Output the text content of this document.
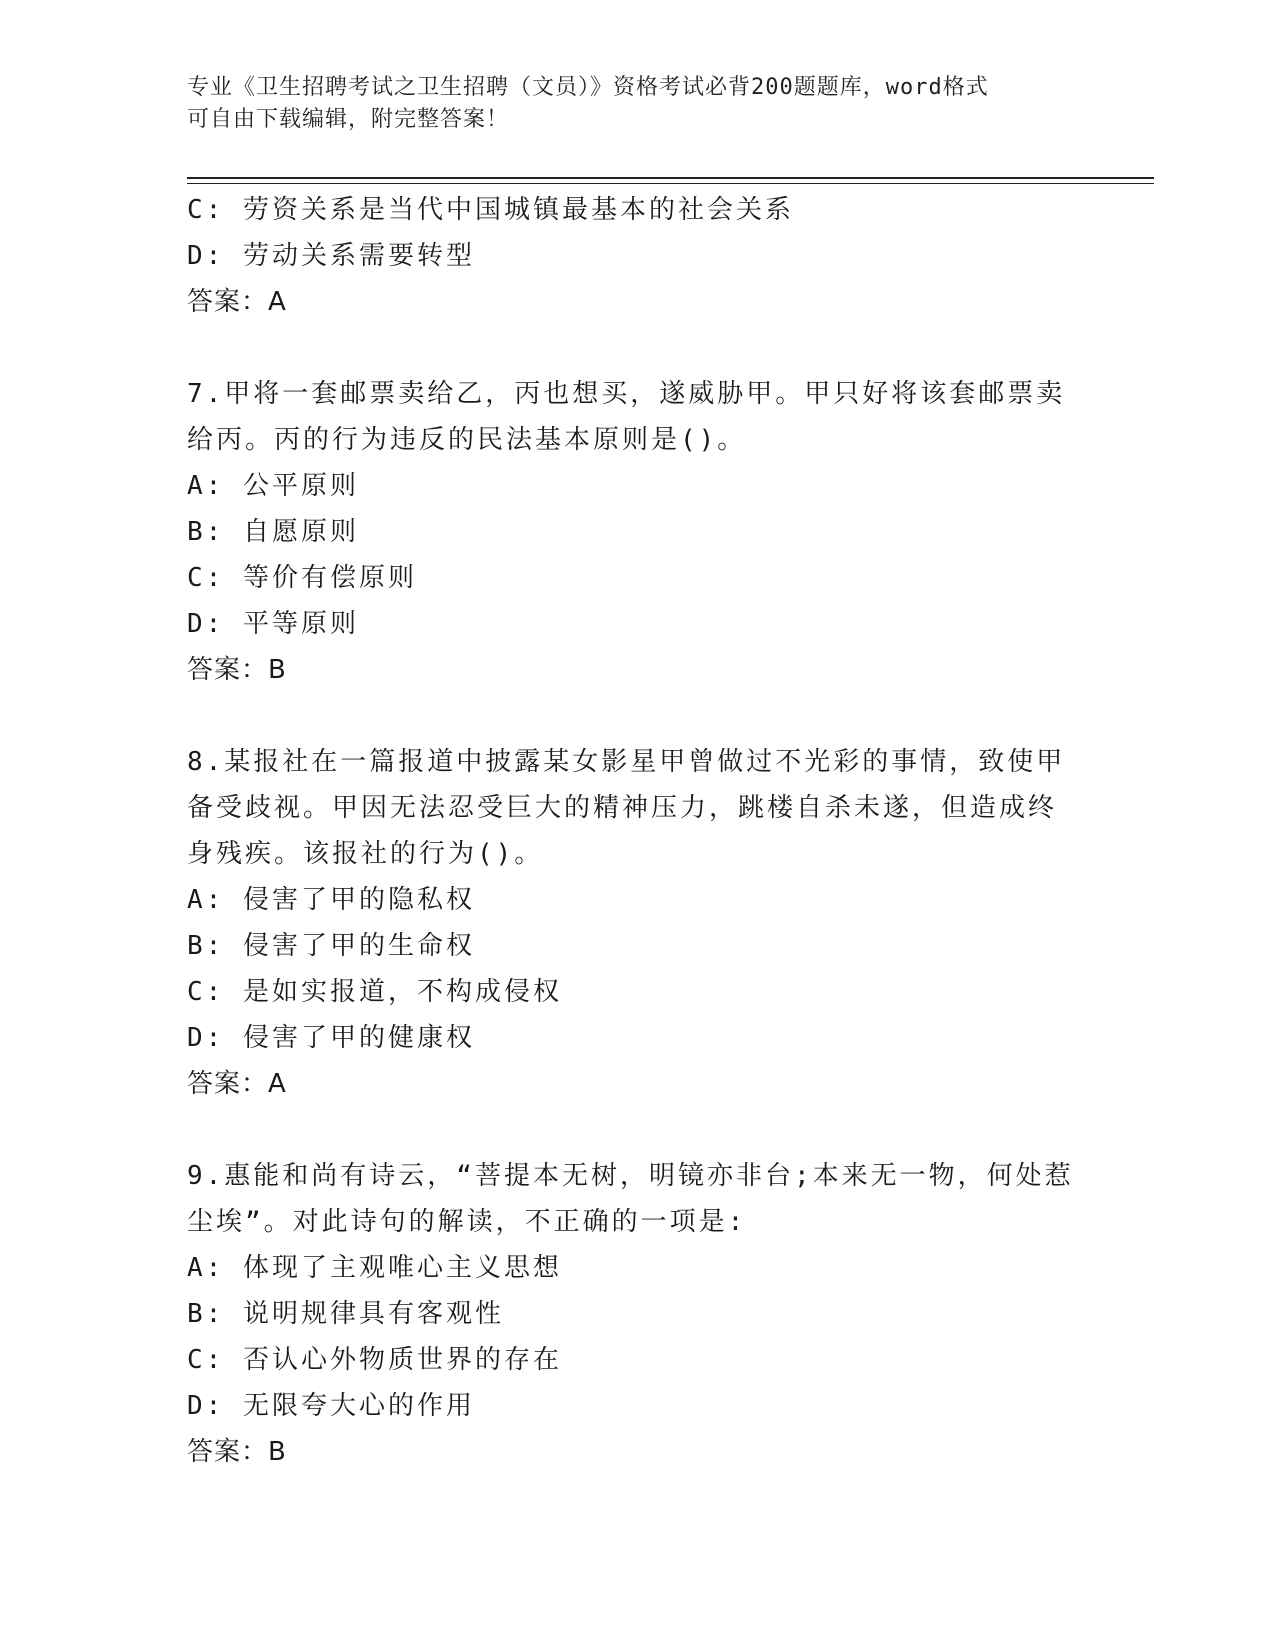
专业《卫生招聘考试之卫生招聘（文员）》资格考试必背200题题库，word格式
可自由下载编辑，附完整答案！
C: 劳资关系是当代中国城镇最基本的社会关系
D: 劳动关系需要转型
答案：A
7.甲将一套邮票卖给乙，丙也想买，遂威胁甲。甲只好将该套邮票卖
给丙。丙的行为违反的民法基本原则是()。
A: 公平原则
B: 自愿原则
C: 等价有偿原则
D: 平等原则
答案：B
8.某报社在一篇报道中披露某女影星甲曾做过不光彩的事情，致使甲
备受歧视。甲因无法忍受巨大的精神压力，跳楼自杀未遂，但造成终
身残疾。该报社的行为()。
A: 侵害了甲的隐私权
B: 侵害了甲的生命权
C: 是如实报道，不构成侵权
D: 侵害了甲的健康权
答案：A
9.惠能和尚有诗云，“菩提本无树，明镜亦非台;本来无一物，何处惹
尘埃”。对此诗句的解读，不正确的一项是:
A: 体现了主观唯心主义思想
B: 说明规律具有客观性
C: 否认心外物质世界的存在
D: 无限夸大心的作用
答案：B
